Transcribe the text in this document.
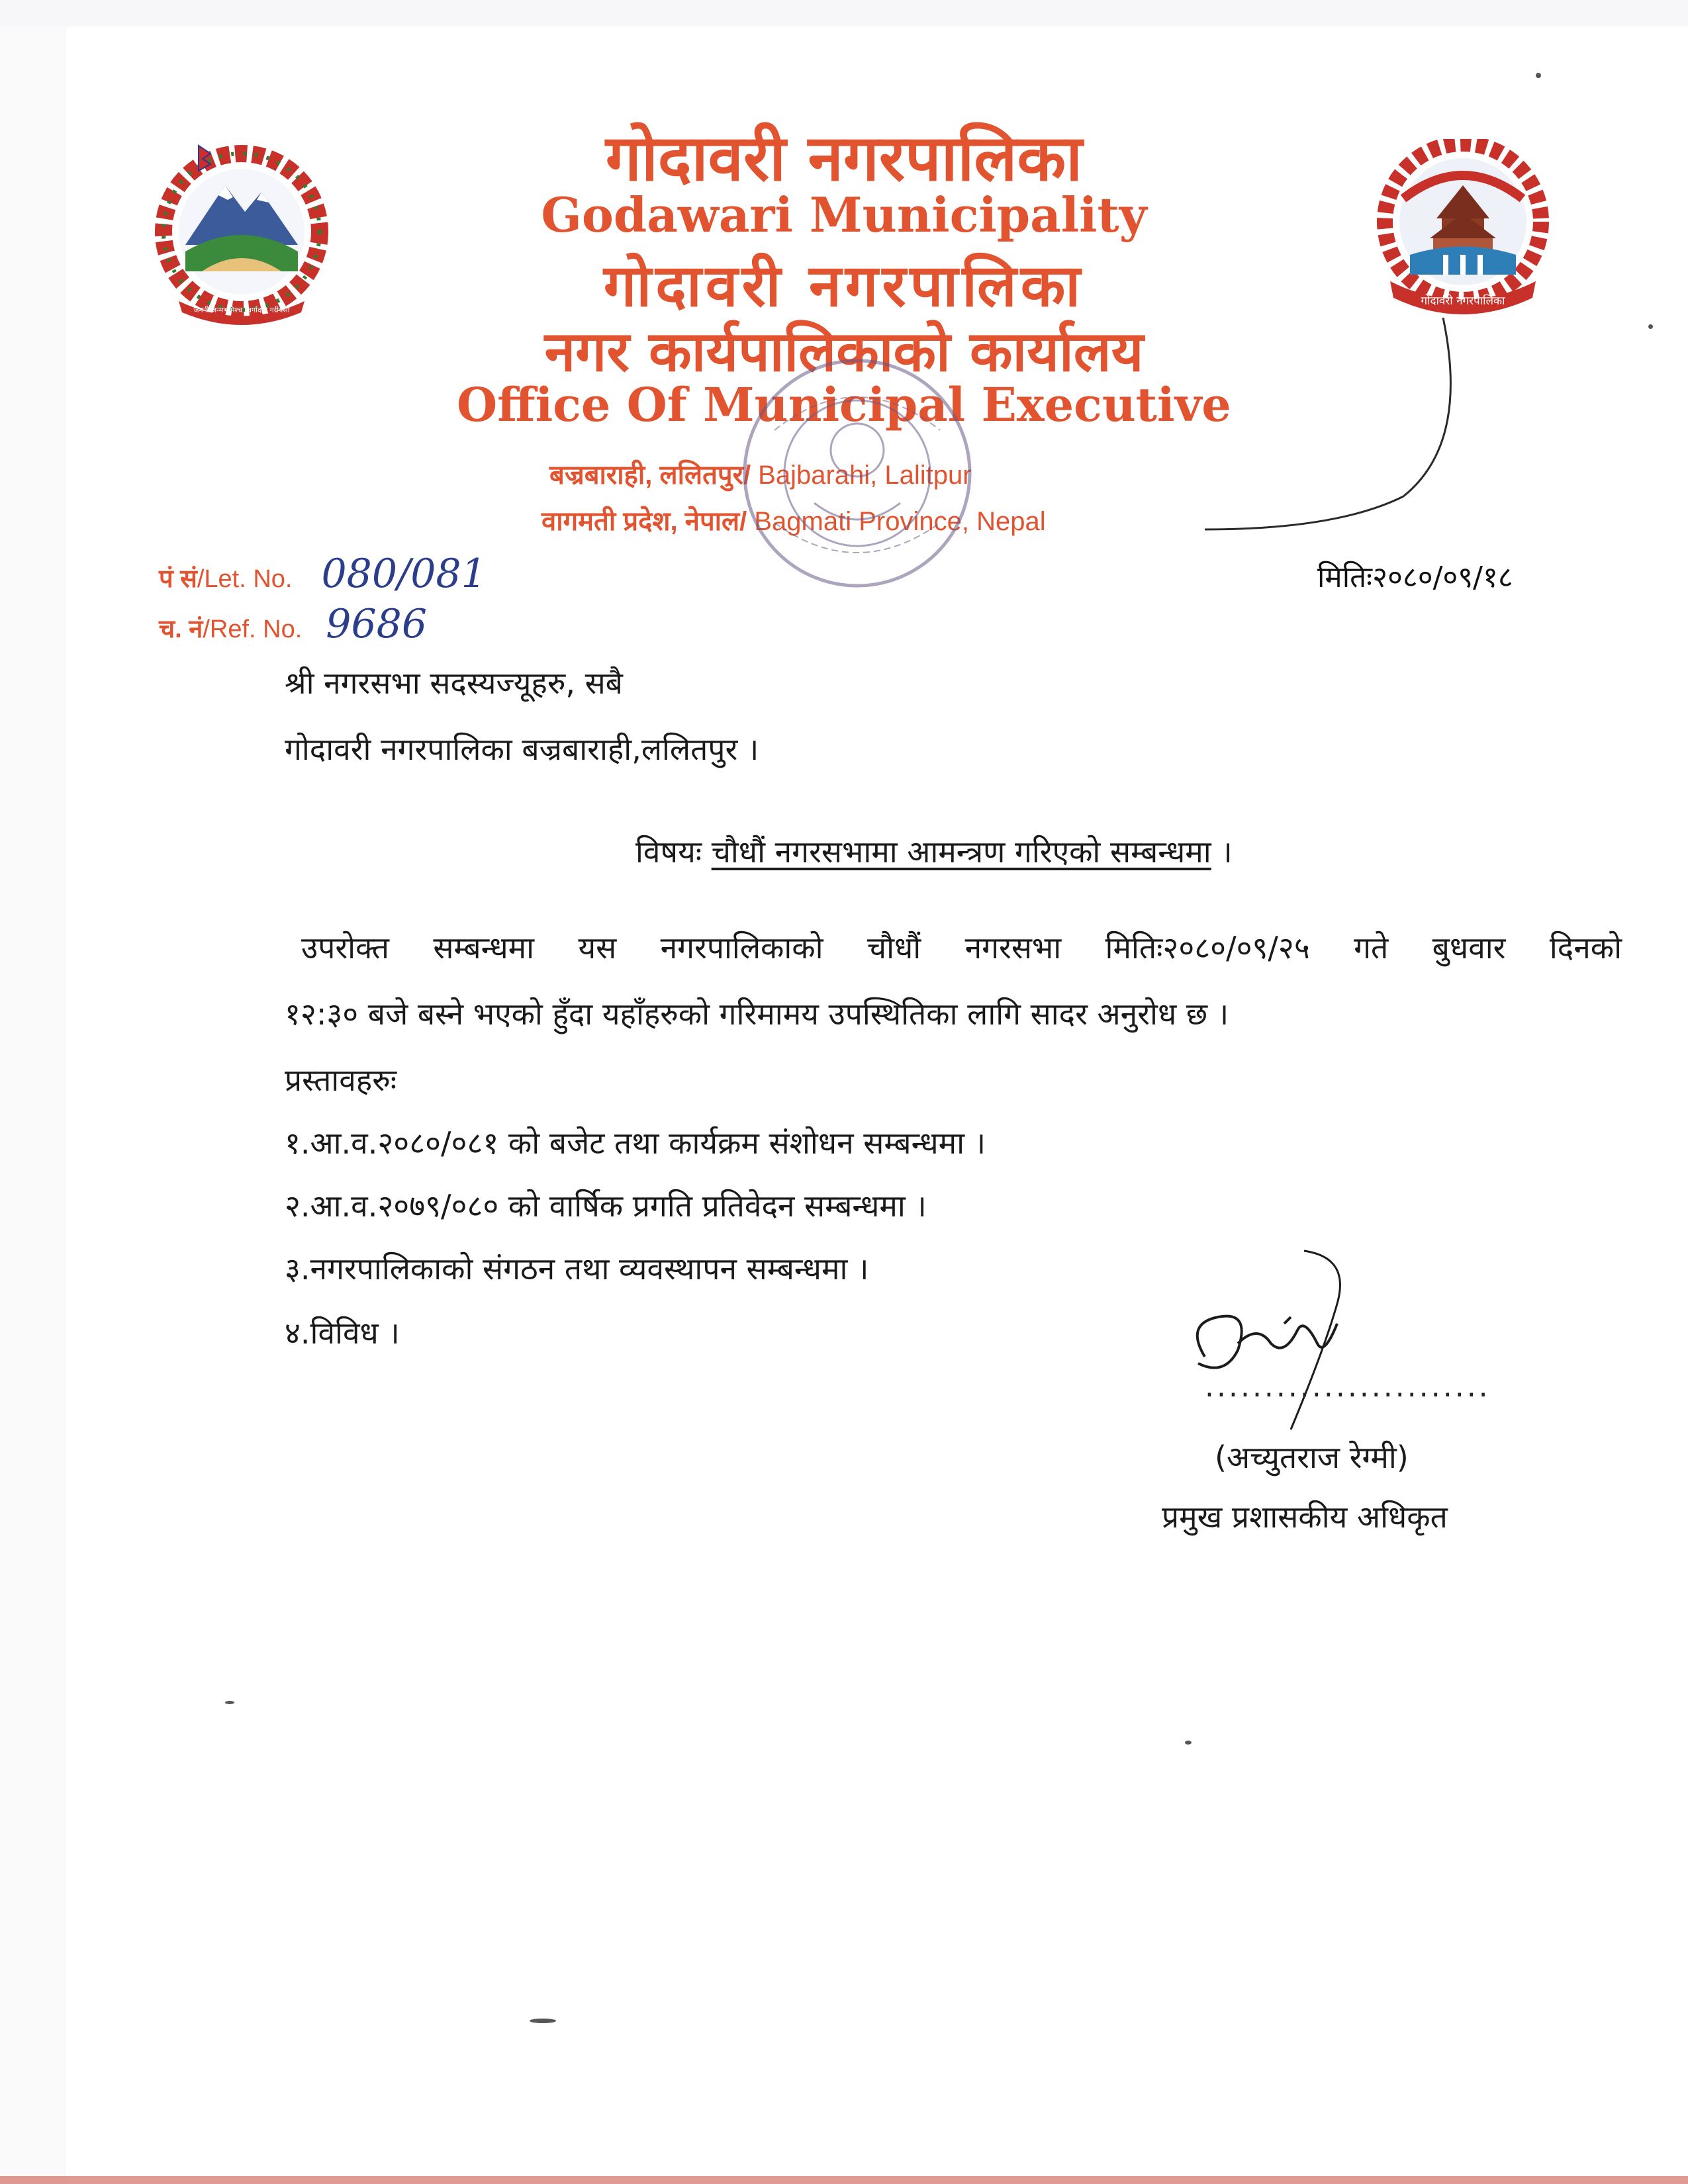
जननी जन्मभूमिश्च स्वर्गादपि गरीयसी
गोदावरी नगरपालिका
गोदावरी नगरपालिका
Godawari Municipality
गोदावरी नगरपालिका
नगर कार्यपालिकाको कार्यालय
Office Of Municipal Executive
बज्रबाराही, ललितपुर/ Bajbarahi, Lalitpur
वागमती प्रदेश, नेपाल/ Bagmati Province, Nepal
पं सं/Let. No. 080/081
च. नं/Ref. No. 9686
मितिः२०८०/०९/१८
श्री नगरसभा सदस्यज्यूहरु, सबै
गोदावरी नगरपालिका बज्रबाराही,ललितपुर ।
विषयः चौधौं नगरसभामा आमन्त्रण गरिएको सम्बन्धमा ।
उपरोक्त सम्बन्धमा यस नगरपालिकाको चौधौं नगरसभा मितिः२०८०/०९/२५ गते बुधवार दिनको
१२:३० बजे बस्ने भएको हुँदा यहाँहरुको गरिमामय उपस्थितिका लागि सादर अनुरोध छ ।
प्रस्तावहरुः
१.आ.व.२०८०/०८१ को बजेट तथा कार्यक्रम संशोधन सम्बन्धमा ।
२.आ.व.२०७९/०८० को वार्षिक प्रगति प्रतिवेदन सम्बन्धमा ।
३.नगरपालिकाको संगठन तथा व्यवस्थापन सम्बन्धमा ।
४.विविध ।
........................
(अच्युतराज रेग्मी)
प्रमुख प्रशासकीय अधिकृत
